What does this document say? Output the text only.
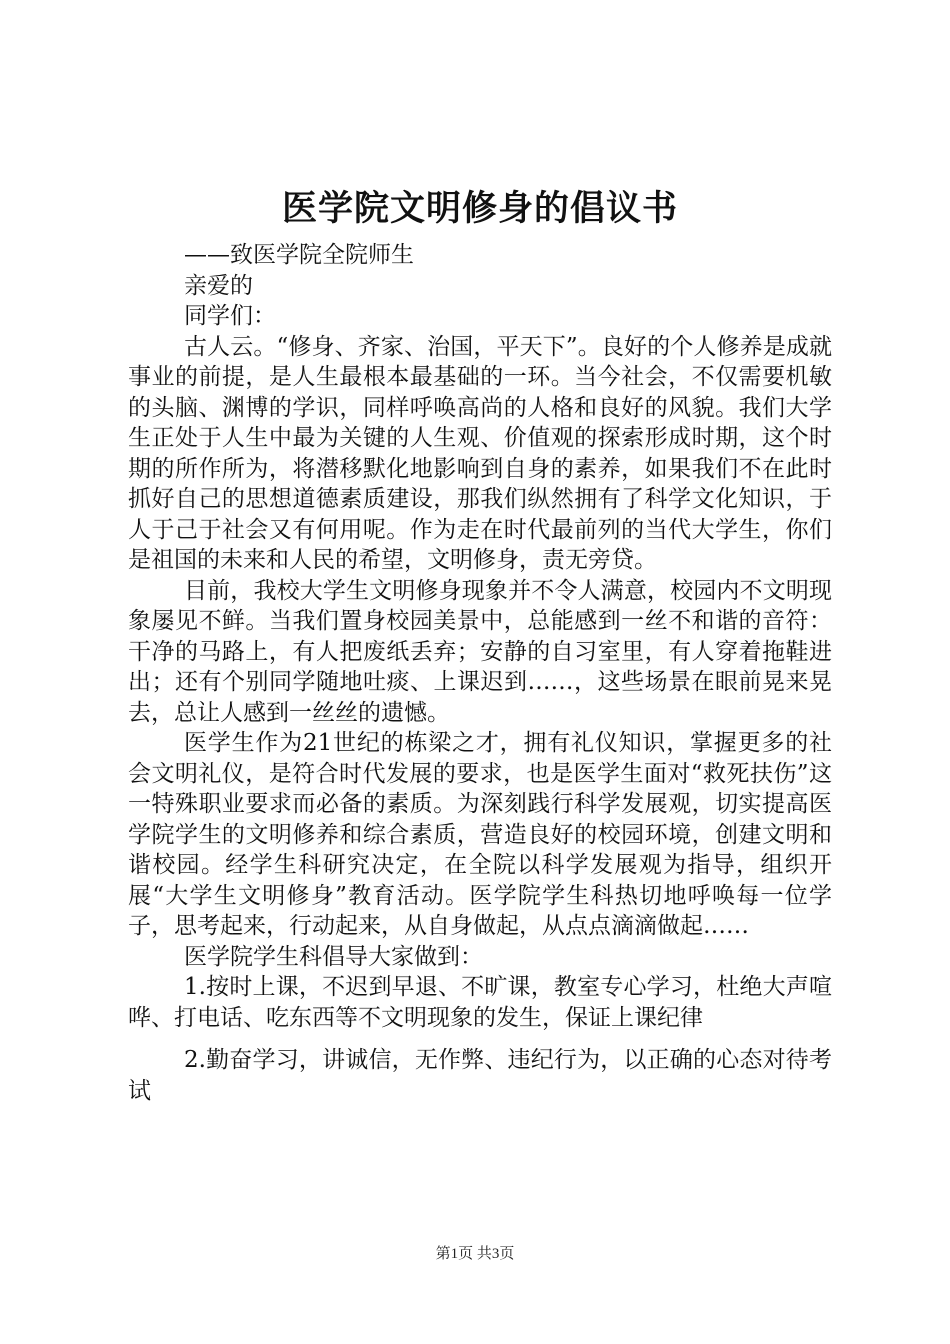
医学院文明修身的倡议书

——致医学院全院师生

亲爱的

同学们：

古人云。“修身、齐家、治国，平天下”。良好的个人修养是成就事业的前提，是人生最根本最基础的一环。当今社会，不仅需要机敏的头脑、渊博的学识，同样呼唤高尚的人格和良好的风貌。我们大学生正处于人生中最为关键的人生观、价值观的探索形成时期，这个时期的所作所为，将潜移默化地影响到自身的素养，如果我们不在此时抓好自己的思想道德素质建设，那我们纵然拥有了科学文化知识，于人于己于社会又有何用呢。作为走在时代最前列的当代大学生，你们是祖国的未来和人民的希望，文明修身，责无旁贷。

目前，我校大学生文明修身现象并不令人满意，校园内不文明现象屡见不鲜。当我们置身校园美景中，总能感到一丝不和谐的音符：干净的马路上，有人把废纸丢弃；安静的自习室里，有人穿着拖鞋进出；还有个别同学随地吐痰、上课迟到……，这些场景在眼前晃来晃去，总让人感到一丝丝的遗憾。

医学生作为21世纪的栋梁之才，拥有礼仪知识，掌握更多的社会文明礼仪，是符合时代发展的要求，也是医学生面对“救死扶伤”这一特殊职业要求而必备的素质。为深刻践行科学发展观，切实提高医学院学生的文明修养和综合素质，营造良好的校园环境，创建文明和谐校园。经学生科研究决定，在全院以科学发展观为指导，组织开展“大学生文明修身”教育活动。医学院学生科热切地呼唤每一位学子，思考起来，行动起来，从自身做起，从点点滴滴做起……

医学院学生科倡导大家做到：

1.按时上课，不迟到早退、不旷课，教室专心学习，杜绝大声喧哗、打电话、吃东西等不文明现象的发生，保证上课纪律

2.勤奋学习，讲诚信，无作弊、违纪行为，以正确的心态对待考试

第1页 共3页
